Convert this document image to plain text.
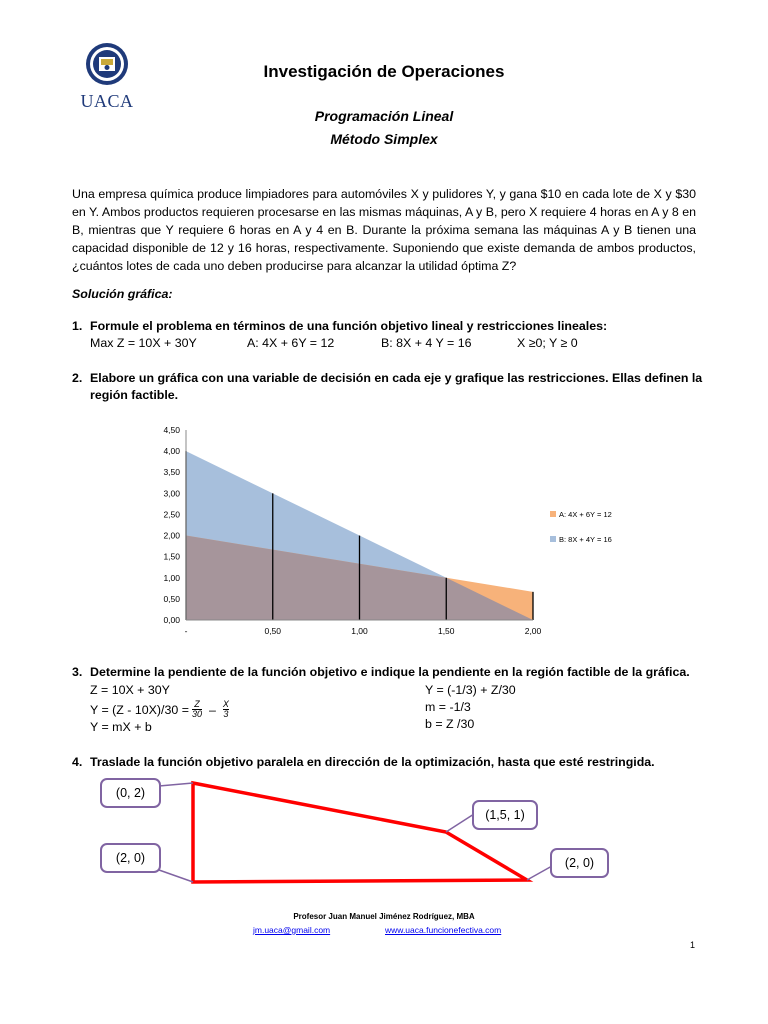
UACA
Investigación de Operaciones
Programación Lineal
Método Simplex
Una empresa química produce limpiadores para automóviles X y pulidores Y, y gana $10 en cada lote de X y $30 en Y. Ambos productos requieren procesarse en las mismas máquinas, A y B, pero X requiere 4 horas en A y 8 en B, mientras que Y requiere 6 horas en A y 4 en B. Durante la próxima semana las máquinas A y B tienen una capacidad disponible de 12 y 16 horas, respectivamente. Suponiendo que existe demanda de ambos productos, ¿cuántos lotes de cada uno deben producirse para alcanzar la utilidad óptima Z?
Solución gráfica:
1. Formule el problema en términos de una función objetivo lineal y restricciones lineales:
Max Z = 10X + 30Y	A: 4X + 6Y = 12	B: 8X + 4 Y = 16	X ≥0; Y ≥ 0
2. Elabore un gráfica con una variable de decisión en cada eje y grafique las restricciones. Ellas definen la
región factible.
0,00
0,50
1,00
1,50
2,00
2,50
3,00
3,50
4,00
4,50
-	0,50	1,00	1,50	2,00
A: 4X + 6Y = 12
B: 8X + 4Y = 16
3. Determine la pendiente de la función objetivo e indique la pendiente en la región factible de la gráfica.
Z = 10X + 30Y
$Y = (Z - 10X)/30 = \frac{Z}{30} - \frac{X}{3}$
Y = mX + b
Y = (-1/3) + Z/30
m = -1/3
b = Z /30
4. Traslade la función objetivo paralela en dirección de la optimización, hasta que esté restringida.
(0, 2)
(1,5, 1)
(2, 0)	(2, 0)
Profesor Juan Manuel Jiménez Rodríguez, MBA
jm.uaca@gmail.com	www.uaca.funcionefectiva.com
1
